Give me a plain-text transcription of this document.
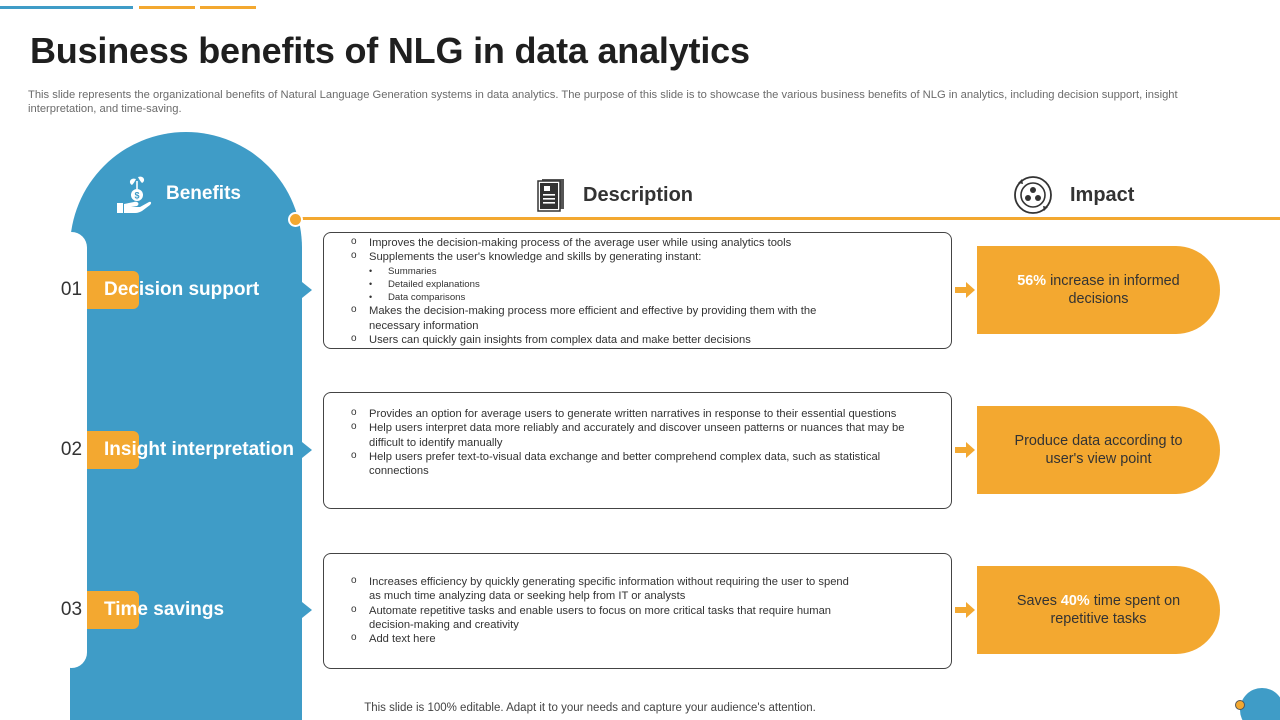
Business benefits of NLG in data analytics

This slide represents the organizational benefits of Natural Language Generation systems in data analytics. The purpose of this slide is to showcase the various business benefits of NLG in analytics, including decision support, insight interpretation, and time-saving.

$ Benefits	Description	Impact
01 Decision support
o Improves the decision-making process of the average user while using analytics tools
o Supplements the user's knowledge and skills by generating instant:
• Summaries
• Detailed explanations
• Data comparisons
o Makes the decision-making process more efficient and effective by providing them with the necessary information
o Users can quickly gain insights from complex data and make better decisions
56% increase in informed decisions
02 Insight interpretation
o Provides an option for average users to generate written narratives in response to their essential questions
o Help users interpret data more reliably and accurately and discover unseen patterns or nuances that may be difficult to identify manually
o Help users prefer text-to-visual data exchange and better comprehend complex data, such as statistical connections
Produce data according to user's view point
03 Time savings
o Increases efficiency by quickly generating specific information without requiring the user to spend as much time analyzing data or seeking help from IT or analysts
o Automate repetitive tasks and enable users to focus on more critical tasks that require human decision-making and creativity
o Add text here
Saves 40% time spent on repetitive tasks
This slide is 100% editable. Adapt it to your needs and capture your audience's attention.
